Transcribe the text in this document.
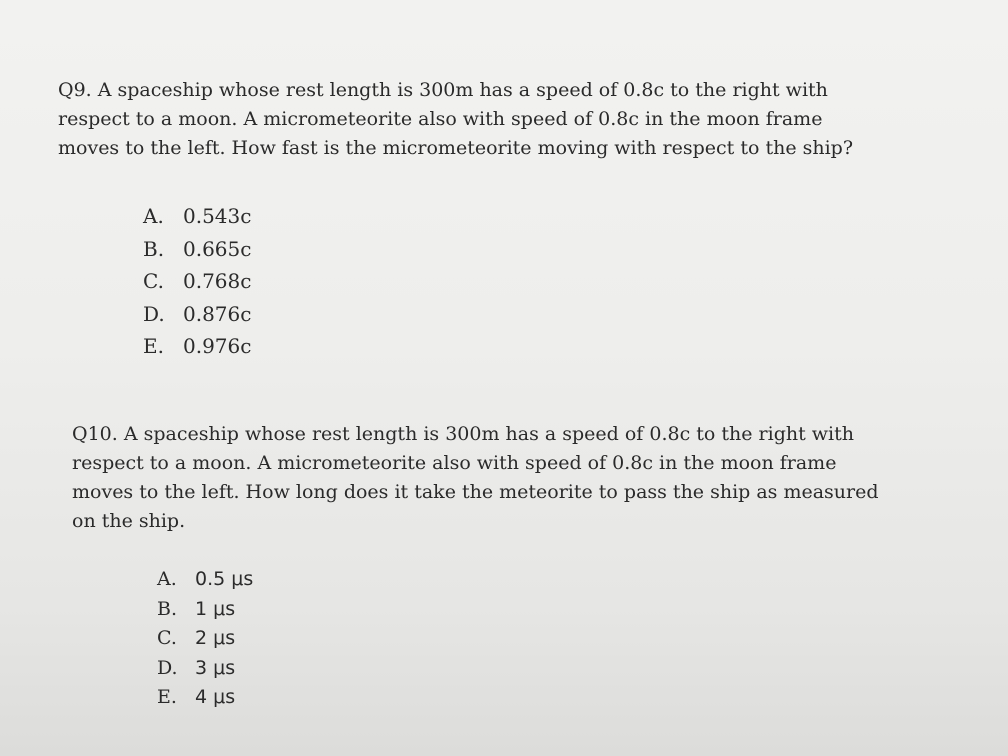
Q9. A spaceship whose rest length is 300m has a speed of 0.8c to the right with
respect to a moon. A micrometeorite also with speed of 0.8c in the moon frame
moves to the left. How fast is the micrometeorite moving with respect to the ship?

A. 0.543c
B. 0.665c
C. 0.768c
D. 0.876c
E. 0.976c

Q10. A spaceship whose rest length is 300m has a speed of 0.8c to the right with
respect to a moon. A micrometeorite also with speed of 0.8c in the moon frame
moves to the left. How long does it take the meteorite to pass the ship as measured
on the ship.

A. 0.5 μs
B. 1 μs
C. 2 μs
D. 3 μs
E. 4 μs
